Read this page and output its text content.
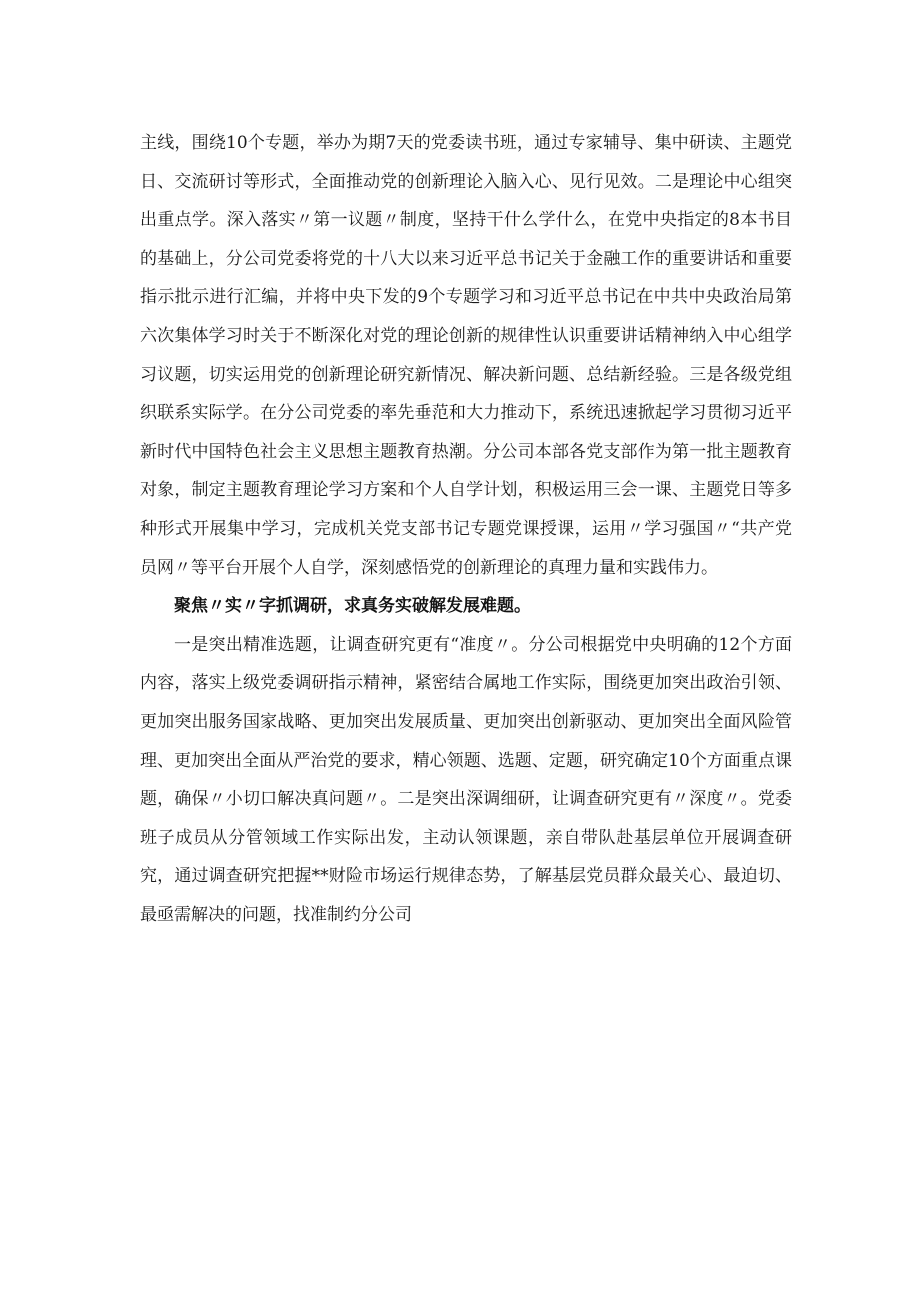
主线，围绕10个专题，举办为期7天的党委读书班，通过专家辅导、集中研读、主题党日、交流研讨等形式，全面推动党的创新理论入脑入心、见行见效。二是理论中心组突出重点学。深入落实〃第一议题〃制度，坚持干什么学什么，在党中央指定的8本书目的基础上，分公司党委将党的十八大以来习近平总书记关于金融工作的重要讲话和重要指示批示进行汇编，并将中央下发的9个专题学习和习近平总书记在中共中央政治局第六次集体学习时关于不断深化对党的理论创新的规律性认识重要讲话精神纳入中心组学习议题，切实运用党的创新理论研究新情况、解决新问题、总结新经验。三是各级党组织联系实际学。在分公司党委的率先垂范和大力推动下，系统迅速掀起学习贯彻习近平新时代中国特色社会主义思想主题教育热潮。分公司本部各党支部作为第一批主题教育对象，制定主题教育理论学习方案和个人自学计划，积极运用三会一课、主题党日等多种形式开展集中学习，完成机关党支部书记专题党课授课，运用〃学习强国〃“共产党员网〃等平台开展个人自学，深刻感悟党的创新理论的真理力量和实践伟力。

聚焦〃实〃字抓调研，求真务实破解发展难题。

一是突出精准选题，让调查研究更有“准度〃。分公司根据党中央明确的12个方面内容，落实上级党委调研指示精神，紧密结合属地工作实际，围绕更加突出政治引领、更加突出服务国家战略、更加突出发展质量、更加突出创新驱动、更加突出全面风险管理、更加突出全面从严治党的要求，精心领题、选题、定题，研究确定10个方面重点课题，确保〃小切口解决真问题〃。二是突出深调细研，让调查研究更有〃深度〃。党委班子成员从分管领域工作实际出发，主动认领课题，亲自带队赴基层单位开展调查研究，通过调查研究把握**财险市场运行规律态势，了解基层党员群众最关心、最迫切、最亟需解决的问题，找准制约分公司
